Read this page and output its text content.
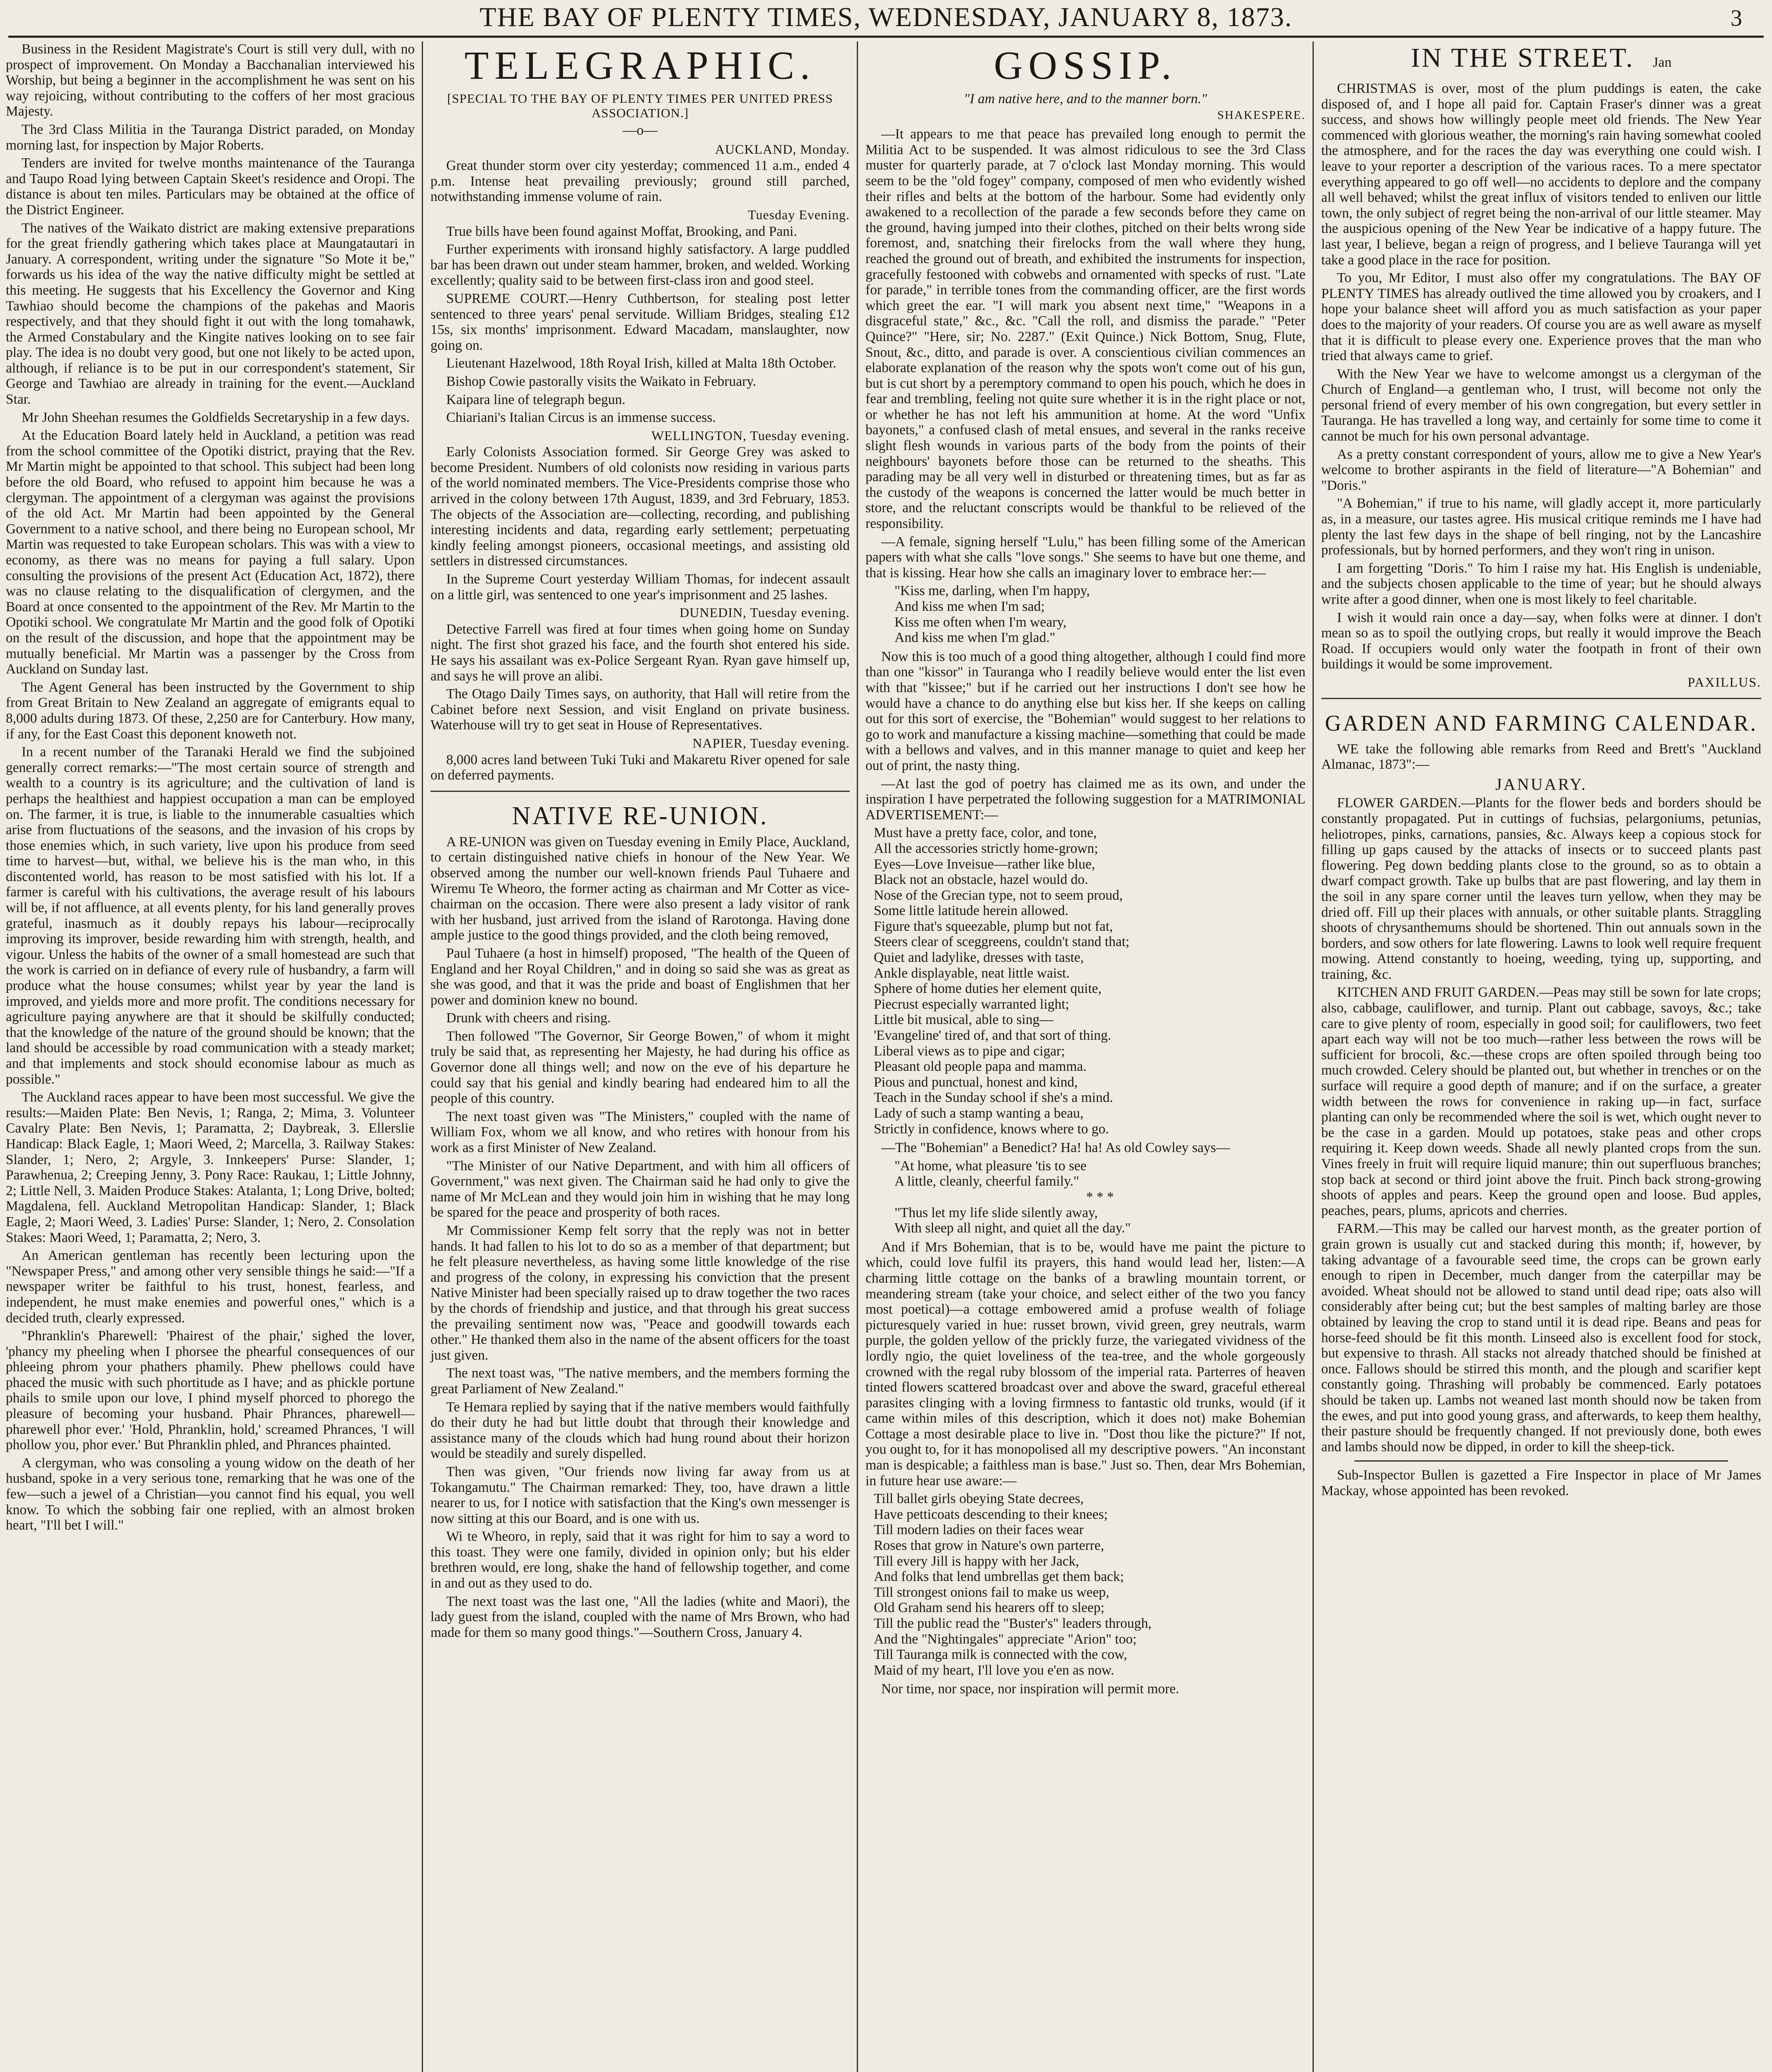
THE BAY OF PLENTY TIMES, WEDNESDAY, JANUARY 8, 1873.	3

Business in the Resident Magistrate's Court is still very dull, with no prospect of improvement. On Monday a Bacchanalian interviewed his Worship, but being a beginner in the accomplishment he was sent on his way rejoicing, without contributing to the coffers of her most gracious Majesty.

The 3rd Class Militia in the Tauranga District paraded, on Monday morning last, for inspection by Major Roberts.

Tenders are invited for twelve months maintenance of the Tauranga and Taupo Road lying between Captain Skeet's residence and Oropi. The distance is about ten miles. Particulars may be obtained at the office of the District Engineer.

The natives of the Waikato district are making extensive preparations for the great friendly gathering which takes place at Maungatautari in January. A correspondent, writing under the signature "So Mote it be," forwards us his idea of the way the native difficulty might be settled at this meeting. He suggests that his Excellency the Governor and King Tawhiao should become the champions of the pakehas and Maoris respectively, and that they should fight it out with the long tomahawk, the Armed Constabulary and the Kingite natives looking on to see fair play. The idea is no doubt very good, but one not likely to be acted upon, although, if reliance is to be put in our correspondent's statement, Sir George and Tawhiao are already in training for the event.—Auckland Star.

Mr John Sheehan resumes the Goldfields Secretaryship in a few days.

At the Education Board lately held in Auckland, a petition was read from the school committee of the Opotiki district, praying that the Rev. Mr Martin might be appointed to that school. This subject had been long before the old Board, who refused to appoint him because he was a clergyman. The appointment of a clergyman was against the provisions of the old Act. Mr Martin had been appointed by the General Government to a native school, and there being no European school, Mr Martin was requested to take European scholars. This was with a view to economy, as there was no means for paying a full salary. Upon consulting the provisions of the present Act (Education Act, 1872), there was no clause relating to the disqualification of clergymen, and the Board at once consented to the appointment of the Rev. Mr Martin to the Opotiki school. We congratulate Mr Martin and the good folk of Opotiki on the result of the discussion, and hope that the appointment may be mutually beneficial. Mr Martin was a passenger by the Cross from Auckland on Sunday last.

The Agent General has been instructed by the Government to ship from Great Britain to New Zealand an aggregate of emigrants equal to 8,000 adults during 1873. Of these, 2,250 are for Canterbury. How many, if any, for the East Coast this deponent knoweth not.

In a recent number of the Taranaki Herald we find the subjoined generally correct remarks:—"The most certain source of strength and wealth to a country is its agriculture; and the cultivation of land is perhaps the healthiest and happiest occupation a man can be employed on. The farmer, it is true, is liable to the innumerable casualties which arise from fluctuations of the seasons, and the invasion of his crops by those enemies which, in such variety, live upon his produce from seed time to harvest—but, withal, we believe his is the man who, in this discontented world, has reason to be most satisfied with his lot. If a farmer is careful with his cultivations, the average result of his labours will be, if not affluence, at all events plenty, for his land generally proves grateful, inasmuch as it doubly repays his labour—reciprocally improving its improver, beside rewarding him with strength, health, and vigour. Unless the habits of the owner of a small homestead are such that the work is carried on in defiance of every rule of husbandry, a farm will produce what the house consumes; whilst year by year the land is improved, and yields more and more profit. The conditions necessary for agriculture paying anywhere are that it should be skilfully conducted; that the knowledge of the nature of the ground should be known; that the land should be accessible by road communication with a steady market; and that implements and stock should economise labour as much as possible."

The Auckland races appear to have been most successful. We give the results:—Maiden Plate: Ben Nevis, 1; Ranga, 2; Mima, 3. Volunteer Cavalry Plate: Ben Nevis, 1; Paramatta, 2; Daybreak, 3. Ellerslie Handicap: Black Eagle, 1; Maori Weed, 2; Marcella, 3. Railway Stakes: Slander, 1; Nero, 2; Argyle, 3. Innkeepers' Purse: Slander, 1; Parawhenua, 2; Creeping Jenny, 3. Pony Race: Raukau, 1; Little Johnny, 2; Little Nell, 3. Maiden Produce Stakes: Atalanta, 1; Long Drive, bolted; Magdalena, fell. Auckland Metropolitan Handicap: Slander, 1; Black Eagle, 2; Maori Weed, 3. Ladies' Purse: Slander, 1; Nero, 2. Consolation Stakes: Maori Weed, 1; Paramatta, 2; Nero, 3.

An American gentleman has recently been lecturing upon the "Newspaper Press," and among other very sensible things he said:—"If a newspaper writer be faithful to his trust, honest, fearless, and independent, he must make enemies and powerful ones," which is a decided truth, clearly expressed.

"Phranklin's Pharewell: 'Phairest of the phair,' sighed the lover, 'phancy my pheeling when I phorsee the phearful consequences of our phleeing phrom your phathers phamily. Phew phellows could have phaced the music with such phortitude as I have; and as phickle portune phails to smile upon our love, I phind myself phorced to phorego the pleasure of becoming your husband. Phair Phrances, pharewell—pharewell phor ever.' 'Hold, Phranklin, hold,' screamed Phrances, 'I will phollow you, phor ever.' But Phranklin phled, and Phrances phainted.

A clergyman, who was consoling a young widow on the death of her husband, spoke in a very serious tone, remarking that he was one of the few—such a jewel of a Christian—you cannot find his equal, you well know. To which the sobbing fair one replied, with an almost broken heart, "I'll bet I will."

TELEGRAPHIC.
[SPECIAL TO THE BAY OF PLENTY TIMES PER UNITED PRESS ASSOCIATION.]
—o—
AUCKLAND, Monday.

Great thunder storm over city yesterday; commenced 11 a.m., ended 4 p.m. Intense heat prevailing previously; ground still parched, notwithstanding immense volume of rain.

Tuesday Evening.

True bills have been found against Moffat, Brooking, and Pani.

Further experiments with ironsand highly satisfactory. A large puddled bar has been drawn out under steam hammer, broken, and welded. Working excellently; quality said to be between first-class iron and good steel.

SUPREME COURT.—Henry Cuthbertson, for stealing post letter sentenced to three years' penal servitude. William Bridges, stealing £12 15s, six months' imprisonment. Edward Macadam, manslaughter, now going on.

Lieutenant Hazelwood, 18th Royal Irish, killed at Malta 18th October.

Bishop Cowie pastorally visits the Waikato in February.

Kaipara line of telegraph begun.

Chiariani's Italian Circus is an immense success.

WELLINGTON, Tuesday evening.

Early Colonists Association formed. Sir George Grey was asked to become President. Numbers of old colonists now residing in various parts of the world nominated members. The Vice-Presidents comprise those who arrived in the colony between 17th August, 1839, and 3rd February, 1853. The objects of the Association are—collecting, recording, and publishing interesting incidents and data, regarding early settlement; perpetuating kindly feeling amongst pioneers, occasional meetings, and assisting old settlers in distressed circumstances.

In the Supreme Court yesterday William Thomas, for indecent assault on a little girl, was sentenced to one year's imprisonment and 25 lashes.

DUNEDIN, Tuesday evening.

Detective Farrell was fired at four times when going home on Sunday night. The first shot grazed his face, and the fourth shot entered his side. He says his assailant was ex-Police Sergeant Ryan. Ryan gave himself up, and says he will prove an alibi.

The Otago Daily Times says, on authority, that Hall will retire from the Cabinet before next Session, and visit England on private business. Waterhouse will try to get seat in House of Representatives.

NAPIER, Tuesday evening.

8,000 acres land between Tuki Tuki and Makaretu River opened for sale on deferred payments.

NATIVE RE-UNION.

A RE-UNION was given on Tuesday evening in Emily Place, Auckland, to certain distinguished native chiefs in honour of the New Year. We observed among the number our well-known friends Paul Tuhaere and Wiremu Te Wheoro, the former acting as chairman and Mr Cotter as vice-chairman on the occasion. There were also present a lady visitor of rank with her husband, just arrived from the island of Rarotonga. Having done ample justice to the good things provided, and the cloth being removed,

Paul Tuhaere (a host in himself) proposed, "The health of the Queen of England and her Royal Children," and in doing so said she was as great as she was good, and that it was the pride and boast of Englishmen that her power and dominion knew no bound.

Drunk with cheers and rising.

Then followed "The Governor, Sir George Bowen," of whom it might truly be said that, as representing her Majesty, he had during his office as Governor done all things well; and now on the eve of his departure he could say that his genial and kindly bearing had endeared him to all the people of this country.

The next toast given was "The Ministers," coupled with the name of William Fox, whom we all know, and who retires with honour from his work as a first Minister of New Zealand.

"The Minister of our Native Department, and with him all officers of Government," was next given. The Chairman said he had only to give the name of Mr McLean and they would join him in wishing that he may long be spared for the peace and prosperity of both races.

Mr Commissioner Kemp felt sorry that the reply was not in better hands. It had fallen to his lot to do so as a member of that department; but he felt pleasure nevertheless, as having some little knowledge of the rise and progress of the colony, in expressing his conviction that the present Native Minister had been specially raised up to draw together the two races by the chords of friendship and justice, and that through his great success the prevailing sentiment now was, "Peace and goodwill towards each other." He thanked them also in the name of the absent officers for the toast just given.

The next toast was, "The native members, and the members forming the great Parliament of New Zealand."

Te Hemara replied by saying that if the native members would faithfully do their duty he had but little doubt that through their knowledge and assistance many of the clouds which had hung round about their horizon would be steadily and surely dispelled.

Then was given, "Our friends now living far away from us at Tokangamutu." The Chairman remarked: They, too, have drawn a little nearer to us, for I notice with satisfaction that the King's own messenger is now sitting at this our Board, and is one with us.

Wi te Wheoro, in reply, said that it was right for him to say a word to this toast. They were one family, divided in opinion only; but his elder brethren would, ere long, shake the hand of fellowship together, and come in and out as they used to do.

The next toast was the last one, "All the ladies (white and Maori), the lady guest from the island, coupled with the name of Mrs Brown, who had made for them so many good things."—Southern Cross, January 4.

GOSSIP.
"I am native here, and to the manner born."
SHAKESPERE.

—It appears to me that peace has prevailed long enough to permit the Militia Act to be suspended. It was almost ridiculous to see the 3rd Class muster for quarterly parade, at 7 o'clock last Monday morning. This would seem to be the "old fogey" company, composed of men who evidently wished their rifles and belts at the bottom of the harbour. Some had evidently only awakened to a recollection of the parade a few seconds before they came on the ground, having jumped into their clothes, pitched on their belts wrong side foremost, and, snatching their firelocks from the wall where they hung, reached the ground out of breath, and exhibited the instruments for inspection, gracefully festooned with cobwebs and ornamented with specks of rust. "Late for parade," in terrible tones from the commanding officer, are the first words which greet the ear. "I will mark you absent next time," "Weapons in a disgraceful state," &c., &c. "Call the roll, and dismiss the parade." "Peter Quince?" "Here, sir; No. 2287." (Exit Quince.) Nick Bottom, Snug, Flute, Snout, &c., ditto, and parade is over. A conscientious civilian commences an elaborate explanation of the reason why the spots won't come out of his gun, but is cut short by a peremptory command to open his pouch, which he does in fear and trembling, feeling not quite sure whether it is in the right place or not, or whether he has not left his ammunition at home. At the word "Unfix bayonets," a confused clash of metal ensues, and several in the ranks receive slight flesh wounds in various parts of the body from the points of their neighbours' bayonets before those can be returned to the sheaths. This parading may be all very well in disturbed or threatening times, but as far as the custody of the weapons is concerned the latter would be much better in store, and the reluctant conscripts would be thankful to be relieved of the responsibility.

—A female, signing herself "Lulu," has been filling some of the American papers with what she calls "love songs." She seems to have but one theme, and that is kissing. Hear how she calls an imaginary lover to embrace her:—

"Kiss me, darling, when I'm happy,
And kiss me when I'm sad;
Kiss me often when I'm weary,
And kiss me when I'm glad."

Now this is too much of a good thing altogether, although I could find more than one "kissor" in Tauranga who I readily believe would enter the list even with that "kissee;" but if he carried out her instructions I don't see how he would have a chance to do anything else but kiss her. If she keeps on calling out for this sort of exercise, the "Bohemian" would suggest to her relations to go to work and manufacture a kissing machine—something that could be made with a bellows and valves, and in this manner manage to quiet and keep her out of print, the nasty thing.

—At last the god of poetry has claimed me as its own, and under the inspiration I have perpetrated the following suggestion for a MATRIMONIAL ADVERTISEMENT:—

Must have a pretty face, color, and tone,
All the accessories strictly home-grown;
Eyes—Love Inveisue—rather like blue,
Black not an obstacle, hazel would do.
Nose of the Grecian type, not to seem proud,
Some little latitude herein allowed.
Figure that's squeezable, plump but not fat,
Steers clear of sceggreens, couldn't stand that;
Quiet and ladylike, dresses with taste,
Ankle displayable, neat little waist.
Sphere of home duties her element quite,
Piecrust especially warranted light;
Little bit musical, able to sing—
'Evangeline' tired of, and that sort of thing.
Liberal views as to pipe and cigar;
Pleasant old people papa and mamma.
Pious and punctual, honest and kind,
Teach in the Sunday school if she's a mind.
Lady of such a stamp wanting a beau,
Strictly in confidence, knows where to go.

—The "Bohemian" a Benedict? Ha! ha! As old Cowley says—

"At home, what pleasure 'tis to see
A little, cleanly, cheerful family."
* * *
"Thus let my life slide silently away,
With sleep all night, and quiet all the day."

And if Mrs Bohemian, that is to be, would have me paint the picture to which, could love fulfil its prayers, this hand would lead her, listen:—A charming little cottage on the banks of a brawling mountain torrent, or meandering stream (take your choice, and select either of the two you fancy most poetical)—a cottage embowered amid a profuse wealth of foliage picturesquely varied in hue: russet brown, vivid green, grey neutrals, warm purple, the golden yellow of the prickly furze, the variegated vividness of the lordly ngio, the quiet loveliness of the tea-tree, and the whole gorgeously crowned with the regal ruby blossom of the imperial rata. Parterres of heaven tinted flowers scattered broadcast over and above the sward, graceful ethereal parasites clinging with a loving firmness to fantastic old trunks, would (if it came within miles of this description, which it does not) make Bohemian Cottage a most desirable place to live in. "Dost thou like the picture?" If not, you ought to, for it has monopolised all my descriptive powers. "An inconstant man is despicable; a faithless man is base." Just so. Then, dear Mrs Bohemian, in future hear use aware:—

Till ballet girls obeying State decrees,
Have petticoats descending to their knees;
Till modern ladies on their faces wear
Roses that grow in Nature's own parterre,
Till every Jill is happy with her Jack,
And folks that lend umbrellas get them back;
Till strongest onions fail to make us weep,
Old Graham send his hearers off to sleep;
Till the public read the "Buster's" leaders through,
And the "Nightingales" appreciate "Arion" too;
Till Tauranga milk is connected with the cow,
Maid of my heart, I'll love you e'en as now.

Nor time, nor space, nor inspiration will permit more.

IN THE STREET. Jan

CHRISTMAS is over, most of the plum puddings is eaten, the cake disposed of, and I hope all paid for. Captain Fraser's dinner was a great success, and shows how willingly people meet old friends. The New Year commenced with glorious weather, the morning's rain having somewhat cooled the atmosphere, and for the races the day was everything one could wish. I leave to your reporter a description of the various races. To a mere spectator everything appeared to go off well—no accidents to deplore and the company all well behaved; whilst the great influx of visitors tended to enliven our little town, the only subject of regret being the non-arrival of our little steamer. May the auspicious opening of the New Year be indicative of a happy future. The last year, I believe, began a reign of progress, and I believe Tauranga will yet take a good place in the race for position.

To you, Mr Editor, I must also offer my congratulations. The BAY OF PLENTY TIMES has already outlived the time allowed you by croakers, and I hope your balance sheet will afford you as much satisfaction as your paper does to the majority of your readers. Of course you are as well aware as myself that it is difficult to please every one. Experience proves that the man who tried that always came to grief.

With the New Year we have to welcome amongst us a clergyman of the Church of England—a gentleman who, I trust, will become not only the personal friend of every member of his own congregation, but every settler in Tauranga. He has travelled a long way, and certainly for some time to come it cannot be much for his own personal advantage.

As a pretty constant correspondent of yours, allow me to give a New Year's welcome to brother aspirants in the field of literature—"A Bohemian" and "Doris."

"A Bohemian," if true to his name, will gladly accept it, more particularly as, in a measure, our tastes agree. His musical critique reminds me I have had plenty the last few days in the shape of bell ringing, not by the Lancashire professionals, but by horned performers, and they won't ring in unison.

I am forgetting "Doris." To him I raise my hat. His English is undeniable, and the subjects chosen applicable to the time of year; but he should always write after a good dinner, when one is most likely to feel charitable.

I wish it would rain once a day—say, when folks were at dinner. I don't mean so as to spoil the outlying crops, but really it would improve the Beach Road. If occupiers would only water the footpath in front of their own buildings it would be some improvement.

PAXILLUS.
GARDEN AND FARMING CALENDAR.

WE take the following able remarks from Reed and Brett's "Auckland Almanac, 1873":—

JANUARY.

FLOWER GARDEN.—Plants for the flower beds and borders should be constantly propagated. Put in cuttings of fuchsias, pelargoniums, petunias, heliotropes, pinks, carnations, pansies, &c. Always keep a copious stock for filling up gaps caused by the attacks of insects or to succeed plants past flowering. Peg down bedding plants close to the ground, so as to obtain a dwarf compact growth. Take up bulbs that are past flowering, and lay them in the soil in any spare corner until the leaves turn yellow, when they may be dried off. Fill up their places with annuals, or other suitable plants. Straggling shoots of chrysanthemums should be shortened. Thin out annuals sown in the borders, and sow others for late flowering. Lawns to look well require frequent mowing. Attend constantly to hoeing, weeding, tying up, supporting, and training, &c.

KITCHEN AND FRUIT GARDEN.—Peas may still be sown for late crops; also, cabbage, cauliflower, and turnip. Plant out cabbage, savoys, &c.; take care to give plenty of room, especially in good soil; for cauliflowers, two feet apart each way will not be too much—rather less between the rows will be sufficient for brocoli, &c.—these crops are often spoiled through being too much crowded. Celery should be planted out, but whether in trenches or on the surface will require a good depth of manure; and if on the surface, a greater width between the rows for convenience in raking up—in fact, surface planting can only be recommended where the soil is wet, which ought never to be the case in a garden. Mould up potatoes, stake peas and other crops requiring it. Keep down weeds. Shade all newly planted crops from the sun. Vines freely in fruit will require liquid manure; thin out superfluous branches; stop back at second or third joint above the fruit. Pinch back strong-growing shoots of apples and pears. Keep the ground open and loose. Bud apples, peaches, pears, plums, apricots and cherries.

FARM.—This may be called our harvest month, as the greater portion of grain grown is usually cut and stacked during this month; if, however, by taking advantage of a favourable seed time, the crops can be grown early enough to ripen in December, much danger from the caterpillar may be avoided. Wheat should not be allowed to stand until dead ripe; oats also will considerably after being cut; but the best samples of malting barley are those obtained by leaving the crop to stand until it is dead ripe. Beans and peas for horse-feed should be fit this month. Linseed also is excellent food for stock, but expensive to thrash. All stacks not already thatched should be finished at once. Fallows should be stirred this month, and the plough and scarifier kept constantly going. Thrashing will probably be commenced. Early potatoes should be taken up. Lambs not weaned last month should now be taken from the ewes, and put into good young grass, and afterwards, to keep them healthy, their pasture should be frequently changed. If not previously done, both ewes and lambs should now be dipped, in order to kill the sheep-tick.

Sub-Inspector Bullen is gazetted a Fire Inspector in place of Mr James Mackay, whose appointed has been revoked.
